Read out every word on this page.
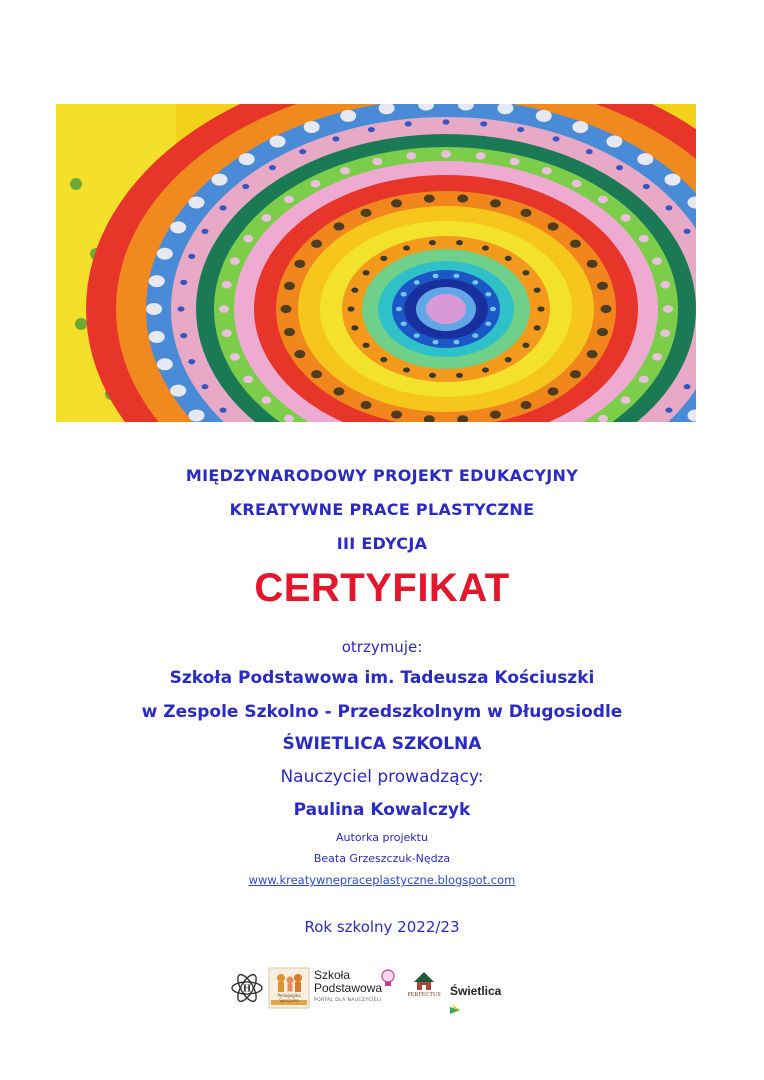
MIĘDZYNARODOWY PROJEKT EDUKACYJNY
KREATYWNE PRACE PLASTYCZNE
III EDYCJA
CERTYFIKAT
otrzymuje:
Szkoła Podstawowa im. Tadeusza Kościuszki
w Zespole Szkolno - Przedszkolnym w Długosiodle
ŚWIETLICA SZKOLNA
Nauczyciel prowadzący:
Paulina Kowalczyk
Autorka projektu
Beata Grzeszczuk-Nędza
www.kreatywnepraceplastyczne.blogspot.com
Rok szkolny 2022/23
H
Pedagogika Specjalna
Szkoła
Podstawowa
PORTAL DLA NAUCZYCIELI
PERFECTUS Świetlica
